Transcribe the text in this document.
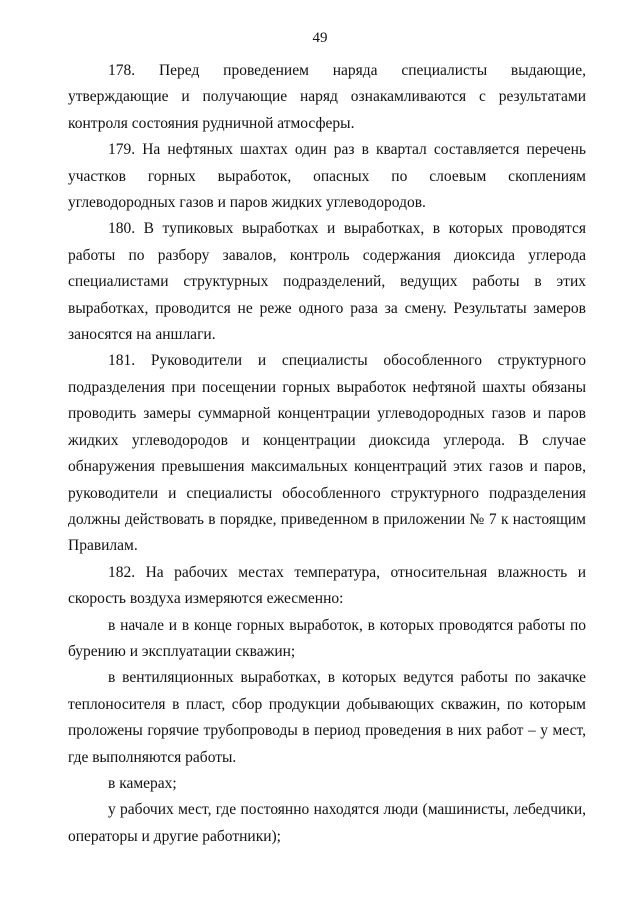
49

178. Перед проведением наряда специалисты выдающие, утверждающие и получающие наряд ознакамливаются с результатами контроля состояния рудничной атмосферы.

179. На нефтяных шахтах один раз в квартал составляется перечень участков горных выработок, опасных по слоевым скоплениям углеводородных газов и паров жидких углеводородов.

180. В тупиковых выработках и выработках, в которых проводятся работы по разбору завалов, контроль содержания диоксида углерода специалистами структурных подразделений, ведущих работы в этих выработках, проводится не реже одного раза за смену. Результаты замеров заносятся на аншлаги.

181. Руководители и специалисты обособленного структурного подразделения при посещении горных выработок нефтяной шахты обязаны проводить замеры суммарной концентрации углеводородных газов и паров жидких углеводородов и концентрации диоксида углерода. В случае обнаружения превышения максимальных концентраций этих газов и паров, руководители и специалисты обособленного структурного подразделения должны действовать в порядке, приведенном в приложении № 7 к настоящим Правилам.

182. На рабочих местах температура, относительная влажность и скорость воздуха измеряются ежесменно:

в начале и в конце горных выработок, в которых проводятся работы по бурению и эксплуатации скважин;

в вентиляционных выработках, в которых ведутся работы по закачке теплоносителя в пласт, сбор продукции добывающих скважин, по которым проложены горячие трубопроводы в период проведения в них работ – у мест, где выполняются работы.

в камерах;

у рабочих мест, где постоянно находятся люди (машинисты, лебедчики, операторы и другие работники);
